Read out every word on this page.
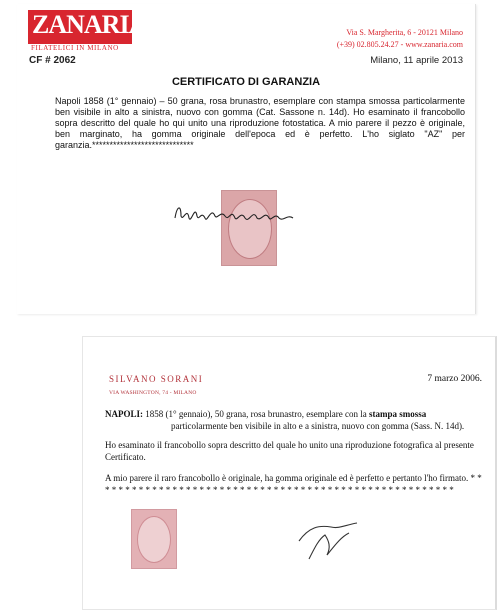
ZANARIA
FILATELICI IN MILANO
Via S. Margherita, 6 - 20121 Milano
(+39) 02.805.24.27 - www.zanaria.com
CF # 2062	Milano, 11 aprile 2013
CERTIFICATO DI GARANZIA
Napoli 1858 (1° gennaio) – 50 grana, rosa brunastro, esemplare con stampa smossa particolarmente ben visibile in alto a sinistra, nuovo con gomma (Cat. Sassone n. 14d). Ho esaminato il francobollo sopra descritto del quale ho qui unito una riproduzione fotostatica. A mio parere il pezzo è originale, ben marginato, ha gomma originale dell'epoca ed è perfetto. L'ho siglato "AZ" per garanzia.*****************************
SILVANO SORANI
VIA WASHINGTON, 74 - MILANO
7 marzo 2006.
NAPOLI: 1858 (1° gennaio), 50 grana, rosa brunastro, esemplare con la stampa smossa
particolarmente ben visibile in alto e a sinistra, nuovo con gomma (Sass. N. 14d).
Ho esaminato il francobollo sopra descritto del quale ho unito una riproduzione fotografica al presente Certificato.
A mio parere il raro francobollo è originale, ha gomma originale ed è perfetto e pertanto l'ho firmato. * * * * * * * * * * * * * * * * * * * * * * * * * * * * * * * * * * * * * * * * * * * * * * * * * * * * * *
